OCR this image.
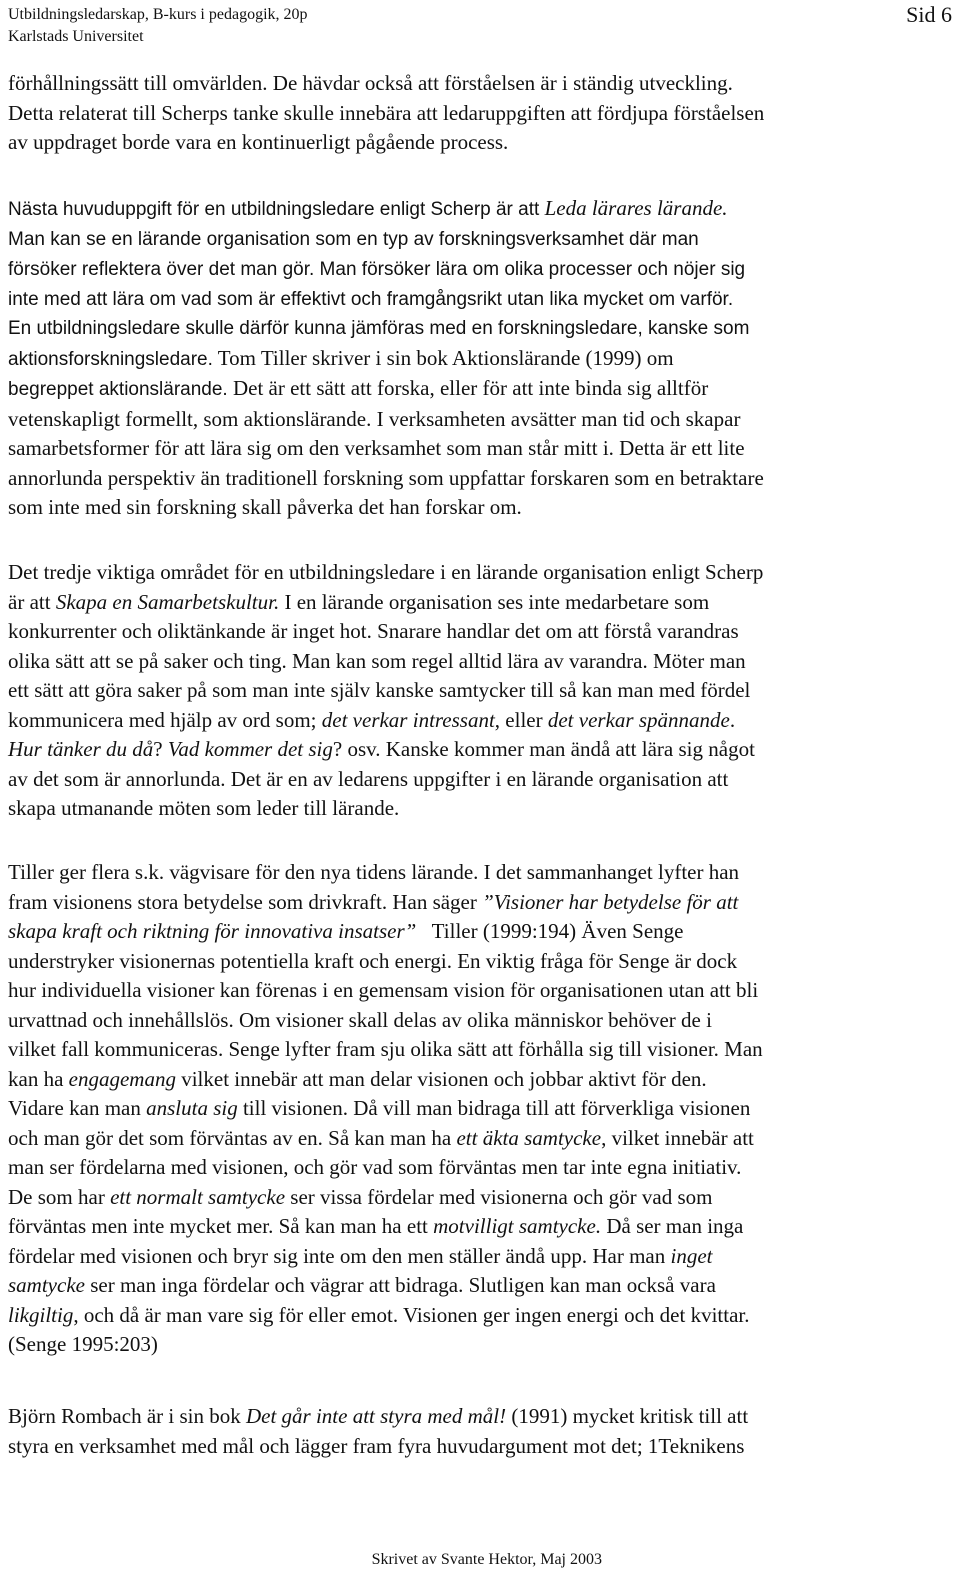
Utbildningsledarskap, B-kurs i pedagogik, 20p
Karlstads Universitet
Sid 6
förhållningssätt till omvärlden. De hävdar också att förståelsen är i ständig utveckling.
Detta relaterat till Scherps tanke skulle innebära att ledaruppgiften att fördjupa förståelsen
av uppdraget borde vara en kontinuerligt pågående process.
Nästa huvuduppgift för en utbildningsledare enligt Scherp är att Leda lärares lärande.
Man kan se en lärande organisation som en typ av forskningsverksamhet där man
försöker reflektera över det man gör. Man försöker lära om olika processer och nöjer sig
inte med att lära om vad som är effektivt och framgångsrikt utan lika mycket om varför.
En utbildningsledare skulle därför kunna jämföras med en forskningsledare, kanske som
aktionsforskningsledare. Tom Tiller skriver i sin bok Aktionslärande (1999) om
begreppet aktionslärande. Det är ett sätt att forska, eller för att inte binda sig alltför
vetenskapligt formellt, som aktionslärande. I verksamheten avsätter man tid och skapar
samarbetsformer för att lära sig om den verksamhet som man står mitt i. Detta är ett lite
annorlunda perspektiv än traditionell forskning som uppfattar forskaren som en betraktare
som inte med sin forskning skall påverka det han forskar om.
Det tredje viktiga området för en utbildningsledare i en lärande organisation enligt Scherp
är att Skapa en Samarbetskultur. I en lärande organisation ses inte medarbetare som
konkurrenter och oliktänkande är inget hot. Snarare handlar det om att förstå varandras
olika sätt att se på saker och ting. Man kan som regel alltid lära av varandra. Möter man
ett sätt att göra saker på som man inte själv kanske samtycker till så kan man med fördel
kommunicera med hjälp av ord som; det verkar intressant, eller det verkar spännande.
Hur tänker du då? Vad kommer det sig? osv. Kanske kommer man ändå att lära sig något
av det som är annorlunda. Det är en av ledarens uppgifter i en lärande organisation att
skapa utmanande möten som leder till lärande.
Tiller ger flera s.k. vägvisare för den nya tidens lärande. I det sammanhanget lyfter han
fram visionens stora betydelse som drivkraft. Han säger ”Visioner har betydelse för att
skapa kraft och riktning för innovativa insatser”   Tiller (1999:194) Även Senge
understryker visionernas potentiella kraft och energi. En viktig fråga för Senge är dock
hur individuella visioner kan förenas i en gemensam vision för organisationen utan att bli
urvattnad och innehållslös. Om visioner skall delas av olika människor behöver de i
vilket fall kommuniceras. Senge lyfter fram sju olika sätt att förhålla sig till visioner. Man
kan ha engagemang vilket innebär att man delar visionen och jobbar aktivt för den.
Vidare kan man ansluta sig till visionen. Då vill man bidraga till att förverkliga visionen
och man gör det som förväntas av en. Så kan man ha ett äkta samtycke, vilket innebär att
man ser fördelarna med visionen, och gör vad som förväntas men tar inte egna initiativ.
De som har ett normalt samtycke ser vissa fördelar med visionerna och gör vad som
förväntas men inte mycket mer. Så kan man ha ett motvilligt samtycke. Då ser man inga
fördelar med visionen och bryr sig inte om den men ställer ändå upp. Har man inget
samtycke ser man inga fördelar och vägrar att bidraga. Slutligen kan man också vara
likgiltig, och då är man vare sig för eller emot. Visionen ger ingen energi och det kvittar.
(Senge 1995:203)
Björn Rombach är i sin bok Det går inte att styra med mål! (1991) mycket kritisk till att
styra en verksamhet med mål och lägger fram fyra huvudargument mot det; 1Teknikens
Skrivet av Svante Hektor, Maj 2003
